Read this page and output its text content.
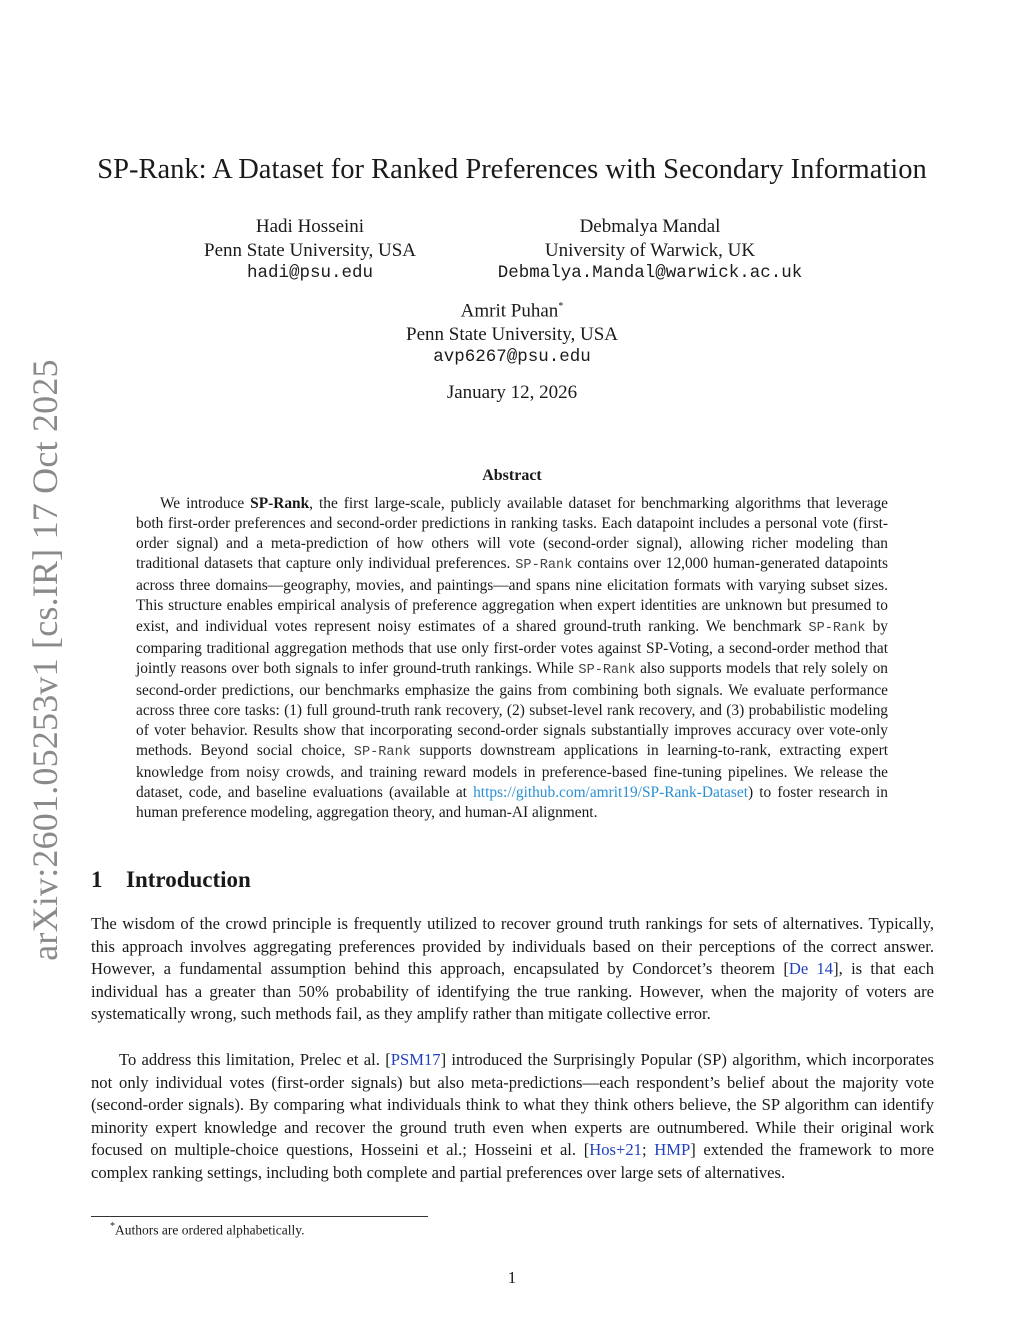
arXiv:2601.05253v1 [cs.IR] 17 Oct 2025
SP-Rank: A Dataset for Ranked Preferences with Secondary Information
Hadi Hosseini
Penn State University, USA
hadi@psu.edu
Debmalya Mandal
University of Warwick, UK
Debmalya.Mandal@warwick.ac.uk
Amrit Puhan*
Penn State University, USA
avp6267@psu.edu
January 12, 2026
Abstract

We introduce SP-Rank, the first large-scale, publicly available dataset for benchmarking algorithms that leverage both first-order preferences and second-order predictions in ranking tasks. Each datapoint includes a personal vote (first-order signal) and a meta-prediction of how others will vote (second-order signal), allowing richer modeling than traditional datasets that capture only individual preferences. SP-Rank contains over 12,000 human-generated datapoints across three domains—geography, movies, and paintings—and spans nine elicitation formats with varying subset sizes. This structure enables empirical analysis of preference aggregation when expert identities are unknown but presumed to exist, and individual votes represent noisy estimates of a shared ground-truth ranking. We benchmark SP-Rank by comparing traditional aggregation methods that use only first-order votes against SP-Voting, a second-order method that jointly reasons over both signals to infer ground-truth rankings. While SP-Rank also supports models that rely solely on second-order predictions, our benchmarks emphasize the gains from combining both signals. We evaluate performance across three core tasks: (1) full ground-truth rank recovery, (2) subset-level rank recovery, and (3) probabilistic modeling of voter behavior. Results show that incorporating second-order signals substantially improves accuracy over vote-only methods. Beyond social choice, SP-Rank supports downstream applications in learning-to-rank, extracting expert knowledge from noisy crowds, and training reward models in preference-based fine-tuning pipelines. We release the dataset, code, and baseline evaluations (available at https://github.com/amrit19/SP-Rank-Dataset) to foster research in human preference modeling, aggregation theory, and human-AI alignment.

1 Introduction

The wisdom of the crowd principle is frequently utilized to recover ground truth rankings for sets of alternatives. Typically, this approach involves aggregating preferences provided by individuals based on their perceptions of the correct answer. However, a fundamental assumption behind this approach, encapsulated by Condorcet’s theorem [De 14], is that each individual has a greater than 50% probability of identifying the true ranking. However, when the majority of voters are systematically wrong, such methods fail, as they amplify rather than mitigate collective error.

To address this limitation, Prelec et al. [PSM17] introduced the Surprisingly Popular (SP) algorithm, which incorporates not only individual votes (first-order signals) but also meta-predictions—each respondent’s belief about the majority vote (second-order signals). By comparing what individuals think to what they think others believe, the SP algorithm can identify minority expert knowledge and recover the ground truth even when experts are outnumbered. While their original work focused on multiple-choice questions, Hosseini et al.; Hosseini et al. [Hos+21; HMP] extended the framework to more complex ranking settings, including both complete and partial preferences over large sets of alternatives.

*Authors are ordered alphabetically.
1
